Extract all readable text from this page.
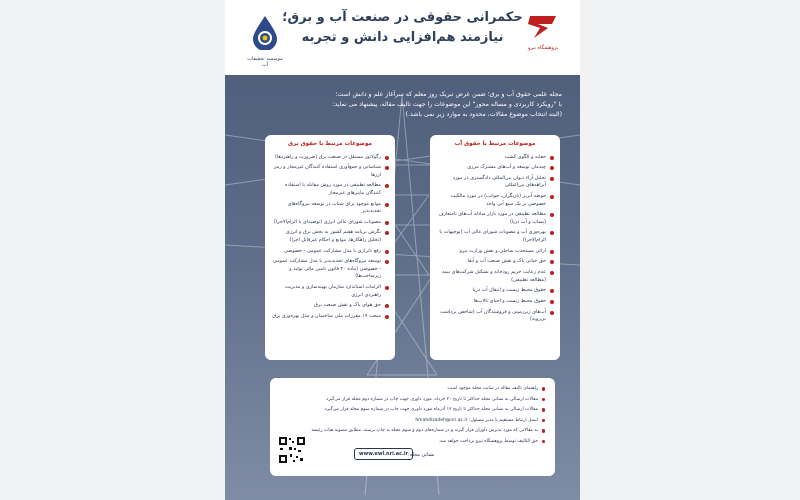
پژوهشگاه نیرو
حکمرانی حقوقی در صنعت آب و برق؛
نیازمند هم‌افزایی دانش و تجربه
موسسه تحقیقات آب
مجله علمی حقوق آب و برق؛ ضمن عرض تبریک روز معلم که سرآغاز علم و دانش است؛
با "رویکرد کاربردی و مساله محور" این موضوعات را جهت تالیف مقاله، پیشنهاد می نماید:
(البته انتخاب موضوع مقالات، محدود به موارد زیر نمی باشد.)
موضوعات مرتبط با حقوق آب
حقابه و الگوی کشت
چیدمان توسعه و آب‌های مشترک مرزی
تحلیل آراء دیوان بین‌المللی دادگستری در مورد آبراهه‌های بین‌المللی
حوضه آبریز (بازیگران، جوانب) در مورد مالکیت خصوصی بر یک منبع آبی واحد
مطالعه تطبیقی در مورد بازار مبادله آب‌های نامتعارف (پساب و آب دریا)
بهره‌وری آب و مصوبات شورای عالی آب (توجیهات یا الزام‌الاجرا)
ارائی مستحدث ساحلی و نقش وزارت نیرو
حق حیاتی پاک و نقش صنعت آب و آبفا
عدم رعایت حریم رودخانه و تشکیل شرکت‌های بیمه (مطالعه تطبیقی)
حقوق محیط زیست و انتقال آب دریا
حقوق محیط زیست و احیای تالاب‌ها
آب‌های زیرزمینی و فروشندگان آب (شاخص برداشت بی‌رویه)
موضوعات مرتبط با حقوق برق
رگولاتور مستقل در صنعت برق (ضرورت و راهبردها)
شناسایی و جمع‌آوری استفاده کنندگان غیرمجاز و رمز ارزها
مطالعه تطبیقی در مورد روش مقابله با استفاده کنندگان ماینرهای غیرمجاز
موانع موجود برای شتاب در توسعه نیروگاه‌های تجدیدپذیر
مصوبات شورای عالی انرژی (توصیه‌ای یا الزام‌الاجرا)
نگرش برنامه هفتم کشور به بخش برق و انرژی (تحلیل راهکارها، موانع و احکام غیرقابل اجرا)
رفع ناترازی با مدل مشارکت عمومی - خصوصی
توسعه نیروگاه‌های تجدیدپذیر با مدل مشارکت عمومی - خصوصی (ماده ۳۰ قانون تامین مالی تولید و زیرساخت‌ها)
الزامات استاندارد سازمان بهینه‌سازی و مدیریت راهبردی انرژی
حق هوای پاک و نقش صنعت برق
مبحث ۱۹ مقررات ملی ساختمان و مدل بهره‌وری برق
راهنمای تالیف مقاله در سایت مجله موجود است.
مقالات ارسالی به نشانی مجله حداکثر تا تاریخ ۲۰ خرداد، مورد داوری جهت چاپ در شماره دوم مجله قرار می‌گیرد.
مقالات ارسالی به نشانی مجله حداکثر تا تاریخ ۱۲ آذرماه مورد داوری جهت چاپ در شماره سوم مجله قرار می‌گیرد.
ایمیل ارتباط مستقیم با مدیر مسئول: hmahdizadeh@nri.ac.ir
به مقالاتی که مورد پذیرش داوران قرار گیرند و در شماره‌های دوم و سوم مجله به چاپ برسند، مطابق مصوبه هیات رئیسه
حق التالیف توسط پژوهشگاه نیرو پرداخت خواهد شد.
www.ewl.nri.ac.ir نشانی مجله:
